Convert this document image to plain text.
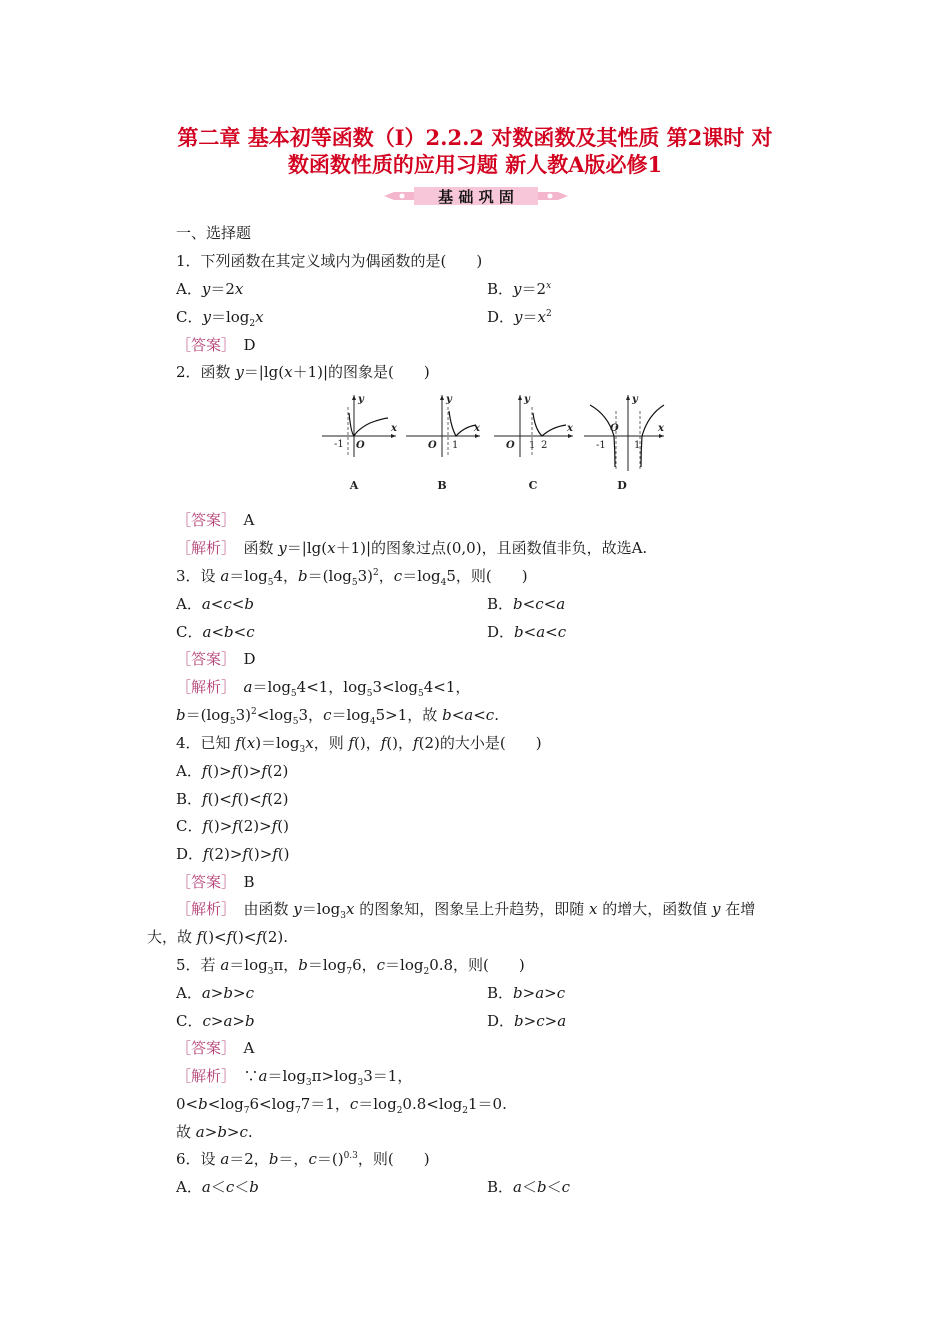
第二章 基本初等函数（Ⅰ）2.2.2 对数函数及其性质 第2课时 对
数函数性质的应用习题 新人教A版必修1
基 础 巩 固
一、选择题
1．下列函数在其定义域内为偶函数的是(　　)
A．y＝2x	B．$y=2^x$
C．$y=\log_2x$	D．$y=x^2$
［答案］　 D
2．函数 y＝|lg(x＋1)|的图象是(　　)
-1 O
x
y
A
O 1
x
y
B
O 1 2
x
y
C
-1
O
1
x
y
D
［答案］　 A
［解析］　函数 y＝|lg(x＋1)|的图象过点(0,0)，且函数值非负，故选A.
3．设 $a=\log_54$，$b=(\log_53)^2$，$c=\log_45$，则(　　)
A．a<c<b	B．b<c<a
C．a<b<c	D．b<a<c
［答案］　 D
［解析］　 $a=\log_54<1$，$\log_53<\log_54<1$，
$b=(\log_53)^2<\log_53$，$c=\log_45>1$，故 b<a<c.
4．已知 $f(x)=\log_3x$，则 f()，f()，f(2)的大小是(　　)
A．f()>f()>f(2)
B．f()<f()<f(2)
C．f()>f(2)>f()
D．f(2)>f()>f()
［答案］　 B
［解析］　由函数 $y=\log_3x$ 的图象知，图象呈上升趋势，即随 x 的增大，函数值 y 在增
大，故 f()<f()<f(2).
5．若 $a=\log_3\pi$，$b=\log_76$，$c=\log_20.8$，则(　　)
A．a>b>c	B．b>a>c
C．c>a>b	D．b>c>a
［答案］　 A
［解析］　$\because a=\log_3\pi>\log_33=1$，
$0<b<\log_76<\log_77=1$，$c=\log_20.8<\log_21=0$.
故 a>b>c.
6．设 a＝2，b＝，c＝()$^{0.3}$，则(　　)
A．a＜c＜b	B．a＜b＜c
